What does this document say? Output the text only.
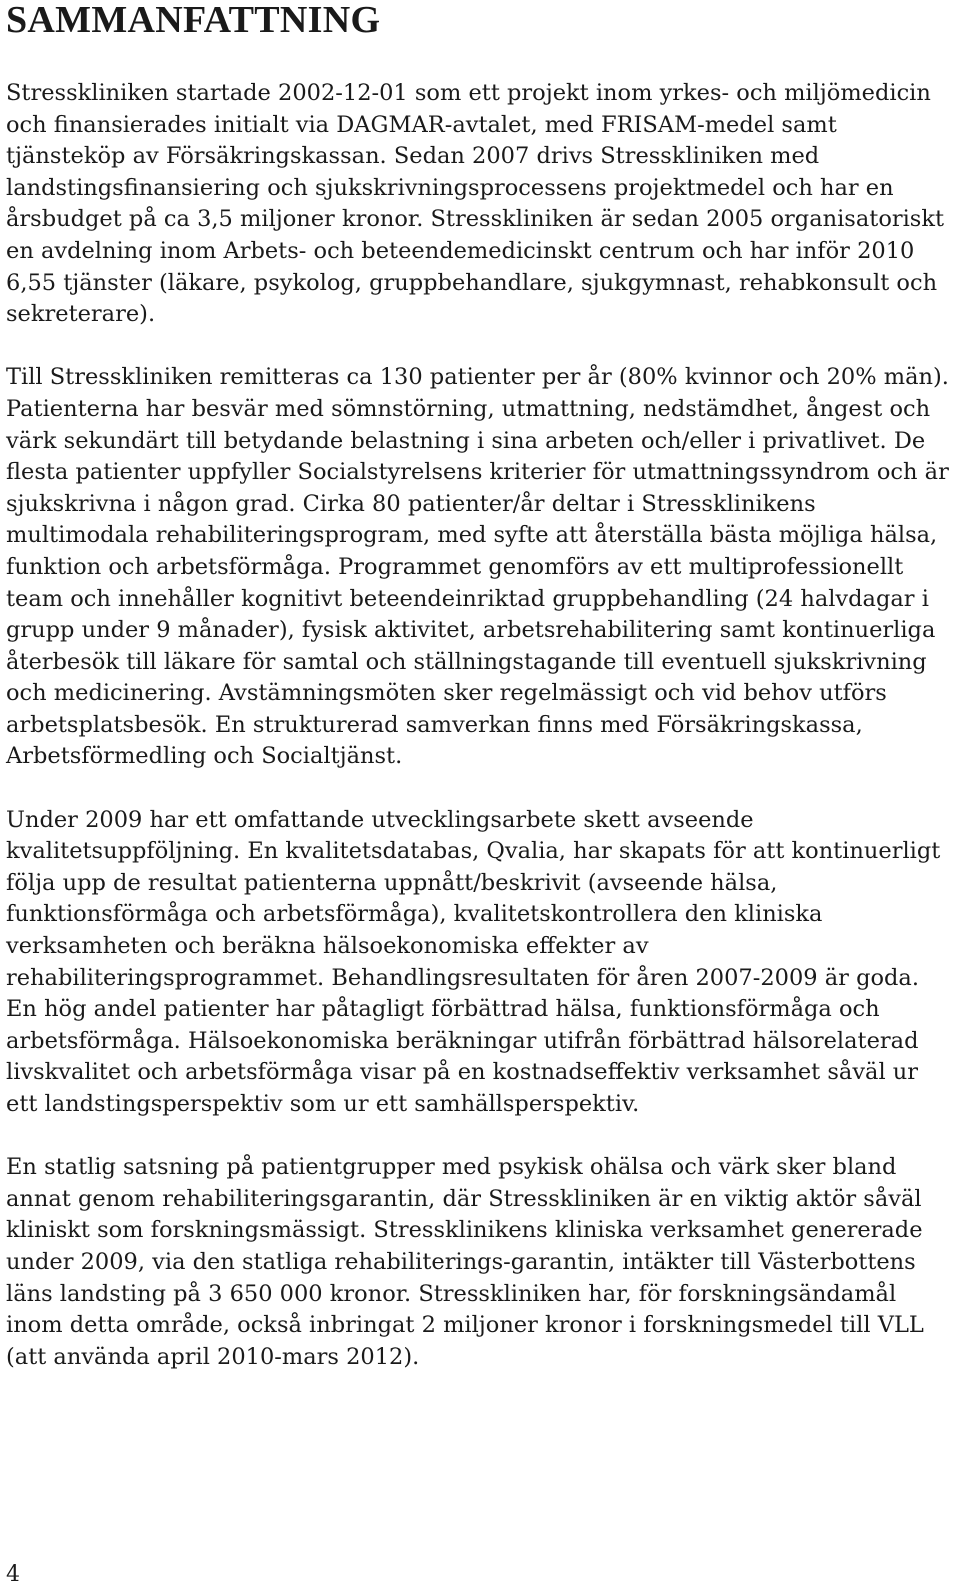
SAMMANFATTNING

Stresskliniken startade 2002-12-01 som ett projekt inom yrkes- och miljömedicin och finansierades initialt via DAGMAR-avtalet, med FRISAM-medel samt tjänsteköp av Försäkringskassan. Sedan 2007 drivs Stresskliniken med landstingsfinansiering och sjukskrivningsprocessens projektmedel och har en årsbudget på ca 3,5 miljoner kronor. Stresskliniken är sedan 2005 organisatoriskt en avdelning inom Arbets- och beteendemedicinskt centrum och har inför 2010 6,55 tjänster (läkare, psykolog, gruppbehandlare, sjukgymnast, rehabkonsult och sekreterare).

Till Stresskliniken remitteras ca 130 patienter per år (80% kvinnor och 20% män). Patienterna har besvär med sömnstörning, utmattning, nedstämdhet, ångest och värk sekundärt till betydande belastning i sina arbeten och/eller i privatlivet. De flesta patienter uppfyller Socialstyrelsens kriterier för utmattningssyndrom och är sjukskrivna i någon grad. Cirka 80 patienter/år deltar i Stressklinikens multimodala rehabiliteringsprogram, med syfte att återställa bästa möjliga hälsa, funktion och arbetsförmåga. Programmet genomförs av ett multiprofessionellt team och innehåller kognitivt beteendeinriktad gruppbehandling (24 halvdagar i grupp under 9 månader), fysisk aktivitet, arbetsrehabilitering samt kontinuerliga återbesök till läkare för samtal och ställningstagande till eventuell sjukskrivning och medicinering. Avstämningsmöten sker regelmässigt och vid behov utförs arbetsplatsbesök. En strukturerad samverkan finns med Försäkringskassa, Arbetsförmedling och Socialtjänst.

Under 2009 har ett omfattande utvecklingsarbete skett avseende kvalitetsuppföljning. En kvalitetsdatabas, Qvalia, har skapats för att kontinuerligt följa upp de resultat patienterna uppnått/beskrivit (avseende hälsa, funktionsförmåga och arbetsförmåga), kvalitetskontrollera den kliniska verksamheten och beräkna hälsoekonomiska effekter av rehabiliteringsprogrammet. Behandlingsresultaten för åren 2007-2009 är goda. En hög andel patienter har påtagligt förbättrad hälsa, funktionsförmåga och arbetsförmåga. Hälsoekonomiska beräkningar utifrån förbättrad hälsorelaterad livskvalitet och arbetsförmåga visar på en kostnadseffektiv verksamhet såväl ur ett landstingsperspektiv som ur ett samhällsperspektiv.

En statlig satsning på patientgrupper med psykisk ohälsa och värk sker bland annat genom rehabiliteringsgarantin, där Stresskliniken är en viktig aktör såväl kliniskt som forskningsmässigt. Stressklinikens kliniska verksamhet genererade under 2009, via den statliga rehabiliterings-garantin, intäkter till Västerbottens läns landsting på 3 650 000 kronor. Stresskliniken har, för forskningsändamål inom detta område, också inbringat 2 miljoner kronor i forskningsmedel till VLL (att använda april 2010-mars 2012).

4
